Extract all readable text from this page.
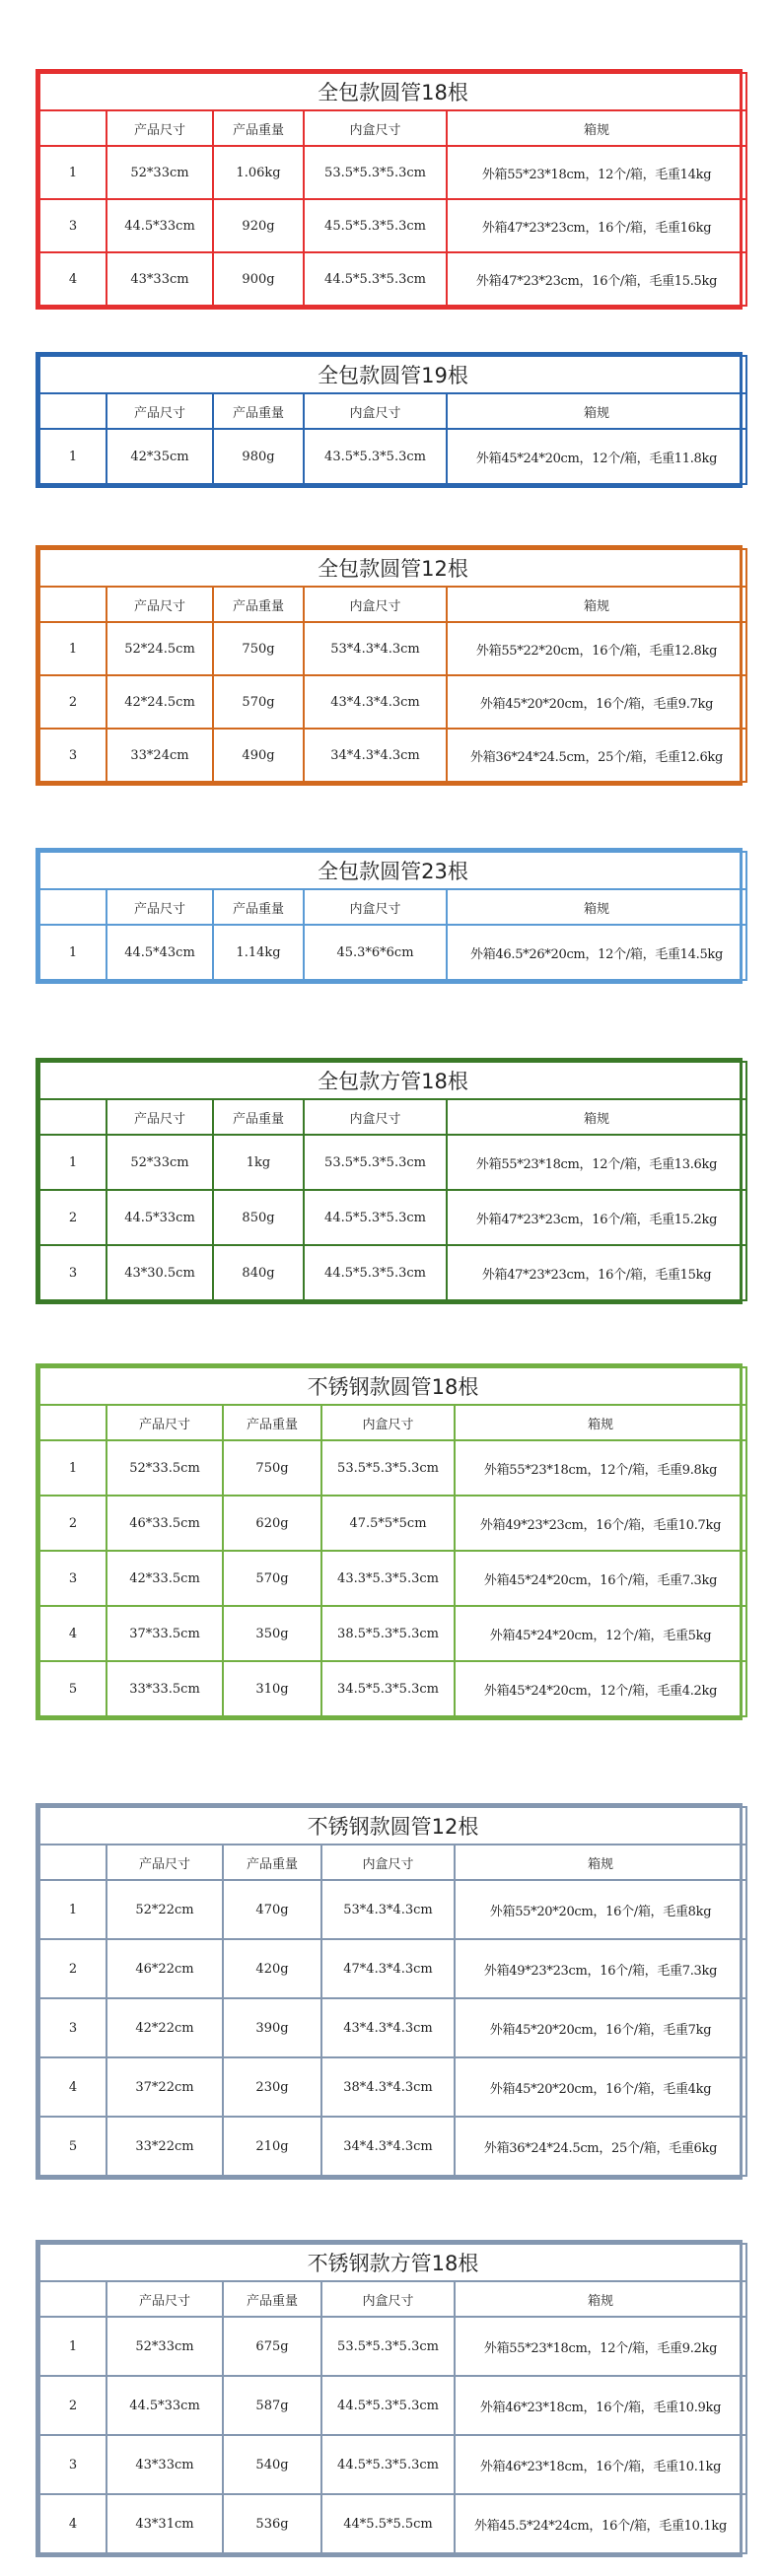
全包款圆管18根				
	产品尺寸	产品重量	内盒尺寸	箱规
1	52*33cm	1.06kg	53.5*5.3*5.3cm	外箱55*23*18cm，12个/箱，毛重14kg
3	44.5*33cm	920g	45.5*5.3*5.3cm	外箱47*23*23cm，16个/箱，毛重16kg
4	43*33cm	900g	44.5*5.3*5.3cm	外箱47*23*23cm，16个/箱，毛重15.5kg
全包款圆管19根				
	产品尺寸	产品重量	内盒尺寸	箱规
1	42*35cm	980g	43.5*5.3*5.3cm	外箱45*24*20cm，12个/箱，毛重11.8kg
全包款圆管12根				
	产品尺寸	产品重量	内盒尺寸	箱规
1	52*24.5cm	750g	53*4.3*4.3cm	外箱55*22*20cm，16个/箱，毛重12.8kg
2	42*24.5cm	570g	43*4.3*4.3cm	外箱45*20*20cm，16个/箱，毛重9.7kg
3	33*24cm	490g	34*4.3*4.3cm	外箱36*24*24.5cm，25个/箱，毛重12.6kg
全包款圆管23根				
	产品尺寸	产品重量	内盒尺寸	箱规
1	44.5*43cm	1.14kg	45.3*6*6cm	外箱46.5*26*20cm，12个/箱，毛重14.5kg
全包款方管18根				
	产品尺寸	产品重量	内盒尺寸	箱规
1	52*33cm	1kg	53.5*5.3*5.3cm	外箱55*23*18cm，12个/箱，毛重13.6kg
2	44.5*33cm	850g	44.5*5.3*5.3cm	外箱47*23*23cm，16个/箱，毛重15.2kg
3	43*30.5cm	840g	44.5*5.3*5.3cm	外箱47*23*23cm，16个/箱，毛重15kg
不锈钢款圆管18根				
	产品尺寸	产品重量	内盒尺寸	箱规
1	52*33.5cm	750g	53.5*5.3*5.3cm	外箱55*23*18cm，12个/箱，毛重9.8kg
2	46*33.5cm	620g	47.5*5*5cm	外箱49*23*23cm，16个/箱，毛重10.7kg
3	42*33.5cm	570g	43.3*5.3*5.3cm	外箱45*24*20cm，16个/箱，毛重7.3kg
4	37*33.5cm	350g	38.5*5.3*5.3cm	外箱45*24*20cm，12个/箱，毛重5kg
5	33*33.5cm	310g	34.5*5.3*5.3cm	外箱45*24*20cm，12个/箱，毛重4.2kg
不锈钢款圆管12根				
	产品尺寸	产品重量	内盒尺寸	箱规
1	52*22cm	470g	53*4.3*4.3cm	外箱55*20*20cm，16个/箱，毛重8kg
2	46*22cm	420g	47*4.3*4.3cm	外箱49*23*23cm，16个/箱，毛重7.3kg
3	42*22cm	390g	43*4.3*4.3cm	外箱45*20*20cm，16个/箱，毛重7kg
4	37*22cm	230g	38*4.3*4.3cm	外箱45*20*20cm，16个/箱，毛重4kg
5	33*22cm	210g	34*4.3*4.3cm	外箱36*24*24.5cm，25个/箱，毛重6kg
不锈钢款方管18根				
	产品尺寸	产品重量	内盒尺寸	箱规
1	52*33cm	675g	53.5*5.3*5.3cm	外箱55*23*18cm，12个/箱，毛重9.2kg
2	44.5*33cm	587g	44.5*5.3*5.3cm	外箱46*23*18cm，16个/箱，毛重10.9kg
3	43*33cm	540g	44.5*5.3*5.3cm	外箱46*23*18cm，16个/箱，毛重10.1kg
4	43*31cm	536g	44*5.5*5.5cm	外箱45.5*24*24cm，16个/箱，毛重10.1kg
